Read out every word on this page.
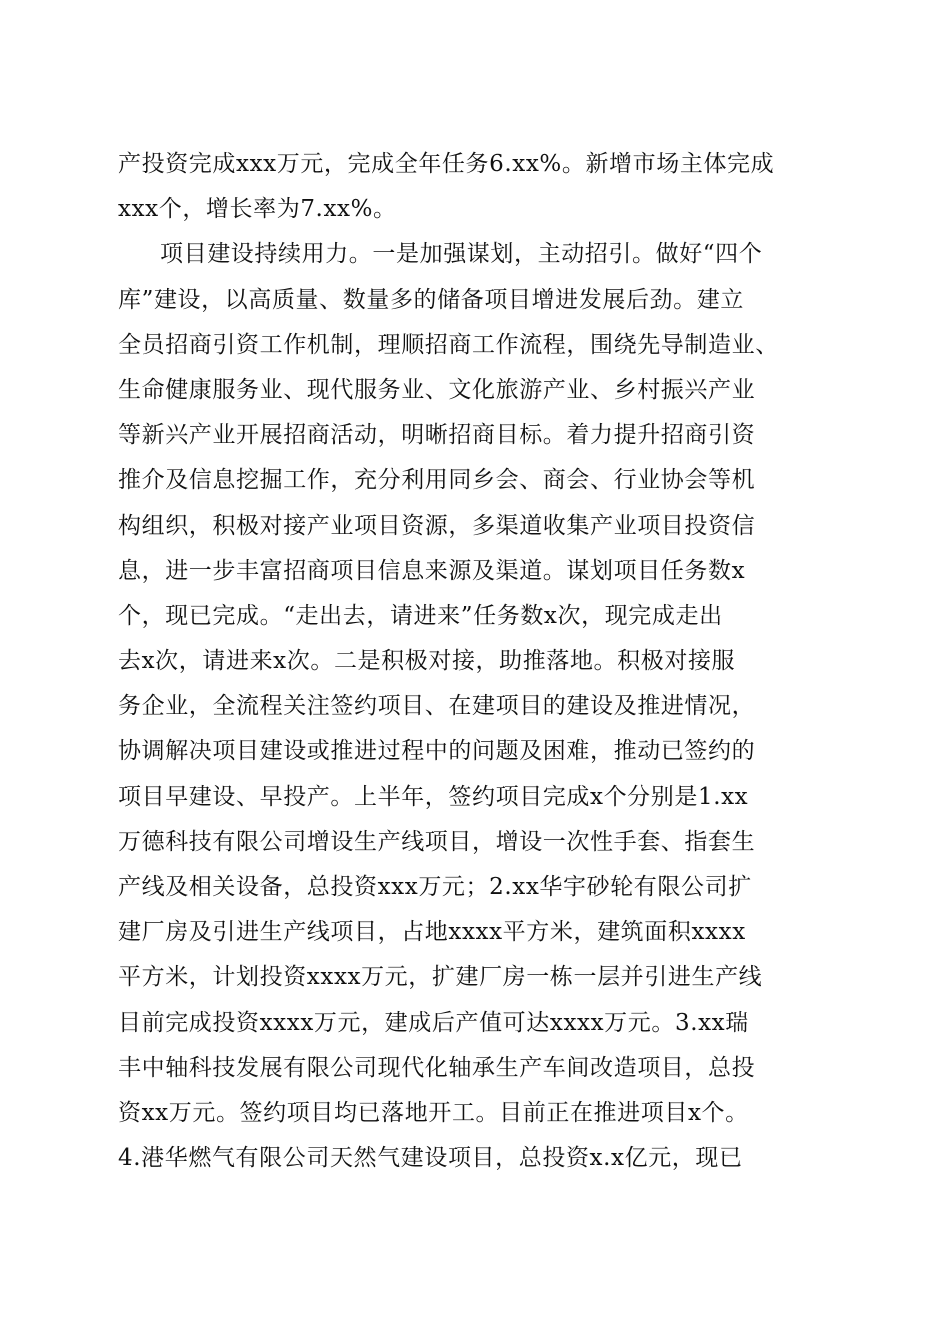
产投资完成xxx万元，完成全年任务6.xx%。新增市场主体完成
xxx个，增长率为7.xx%。
项目建设持续用力。一是加强谋划，主动招引。做好“四个
库”建设，以高质量、数量多的储备项目增进发展后劲。建立
全员招商引资工作机制，理顺招商工作流程，围绕先导制造业、
生命健康服务业、现代服务业、文化旅游产业、乡村振兴产业
等新兴产业开展招商活动，明晰招商目标。着力提升招商引资
推介及信息挖掘工作，充分利用同乡会、商会、行业协会等机
构组织，积极对接产业项目资源，多渠道收集产业项目投资信
息，进一步丰富招商项目信息来源及渠道。谋划项目任务数x
个，现已完成。“走出去，请进来”任务数x次，现完成走出
去x次，请进来x次。二是积极对接，助推落地。积极对接服
务企业，全流程关注签约项目、在建项目的建设及推进情况，
协调解决项目建设或推进过程中的问题及困难，推动已签约的
项目早建设、早投产。上半年，签约项目完成x个分别是1.xx
万德科技有限公司增设生产线项目，增设一次性手套、指套生
产线及相关设备，总投资xxx万元；2.xx华宇砂轮有限公司扩
建厂房及引进生产线项目，占地xxxx平方米，建筑面积xxxx
平方米，计划投资xxxx万元，扩建厂房一栋一层并引进生产线
目前完成投资xxxx万元，建成后产值可达xxxx万元。3.xx瑞
丰中轴科技发展有限公司现代化轴承生产车间改造项目，总投
资xx万元。签约项目均已落地开工。目前正在推进项目x个。
4.港华燃气有限公司天然气建设项目，总投资x.x亿元，现已
